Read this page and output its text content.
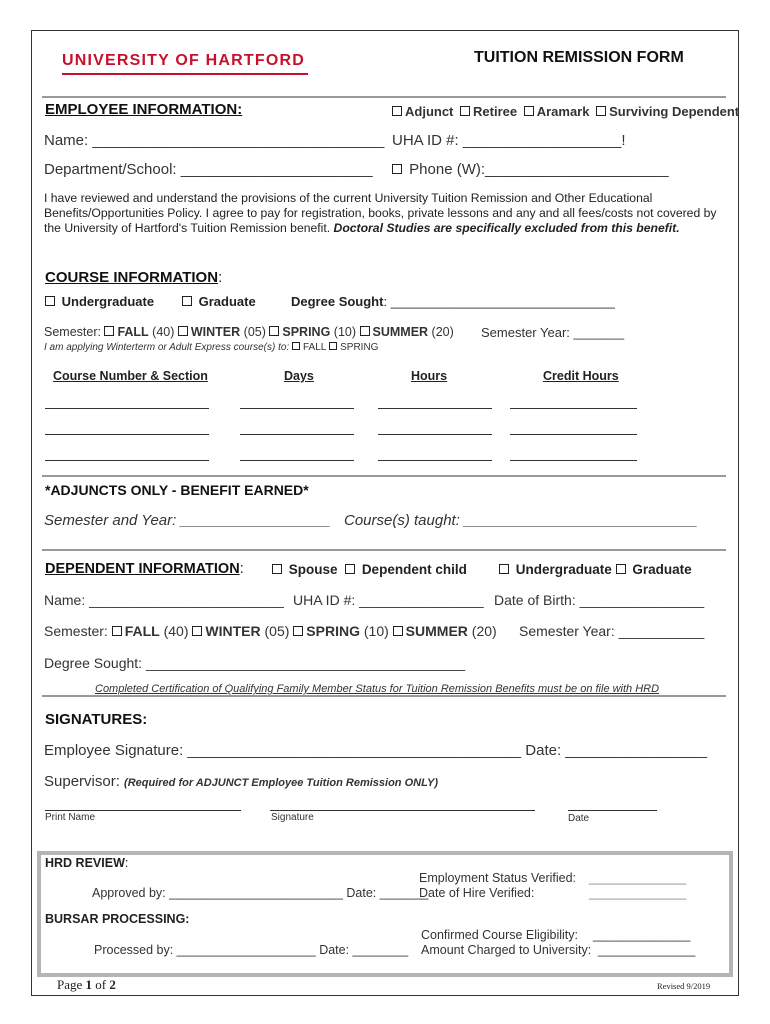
UNIVERSITY OF HARTFORD	TUITION REMISSION FORM
EMPLOYEE INFORMATION:	Adjunct Retiree Aramark Surviving Dependent
Name: ___________________________________ UHA ID #: ___________________!
Department/School: _______________________	Phone (W):______________________
I have reviewed and understand the provisions of the current University Tuition Remission and Other Educational Benefits/Opportunities Policy. I agree to pay for registration, books, private lessons and any and all fees/costs not covered by the University of Hartford's Tuition Remission benefit. Doctoral Studies are specifically excluded from this benefit.
COURSE INFORMATION:
Undergraduate	Graduate	Degree Sought: _______________________________
Semester: FALL (40) WINTER (05) SPRING (10) SUMMER (20) Semester Year: _______
I am applying Winterterm or Adult Express course(s) to: FALL SPRING
Course Number & Section	Days	Hours	Credit Hours
*ADJUNCTS ONLY - BENEFIT EARNED*
Semester and Year: __________________ Course(s) taught: ____________________________
DEPENDENT INFORMATION:	Spouse Dependent child	Undergraduate Graduate
Name: _________________________ UHA ID #: ________________ Date of Birth: ________________
Semester: FALL (40) WINTER (05) SPRING (10) SUMMER (20) Semester Year: ___________
Degree Sought: _________________________________________
Completed Certification of Qualifying Family Member Status for Tuition Remission Benefits must be on file with HRD
SIGNATURES:
Employee Signature: ________________________________________ Date: _________________
Supervisor: (Required for ADJUNCT Employee Tuition Remission ONLY)
Print Name	Signature	Date
HRD REVIEW:
Approved by: _________________________ Date: _______
Employment Status Verified: ______________
Date of Hire Verified:	______________
BURSAR PROCESSING:
Processed by: ____________________ Date: ________
Confirmed Course Eligibility: ______________
Amount Charged to University: ______________
Page 1 of 2	Revised 9/2019
